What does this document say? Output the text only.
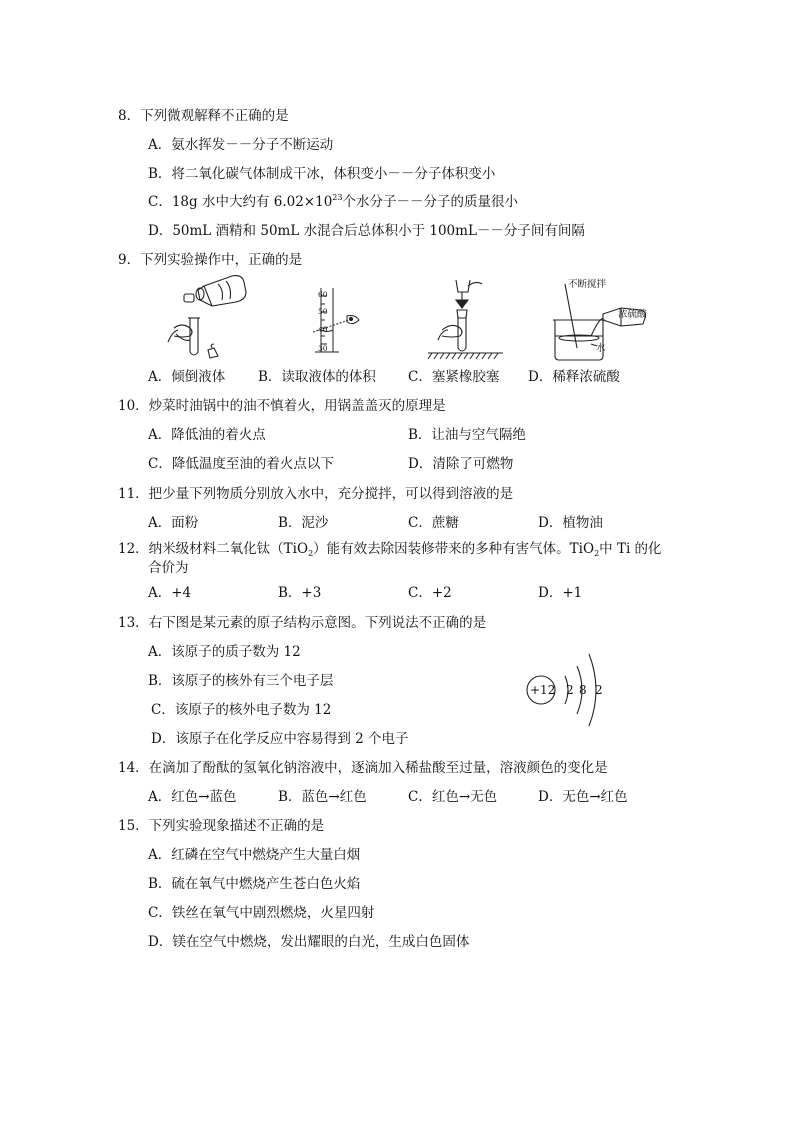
8．下列微观解释不正确的是
A．氨水挥发－－分子不断运动
B．将二氧化碳气体制成干冰，体积变小－－分子体积变小
C．18g 水中大约有 $6.02\times 10^{23}$个水分子－－分子的质量很小
D．50mL 酒精和 50mL 水混合后总体积小于 100mL－－分子间有间隔
9．下列实验操作中，正确的是
60
50
40
30
不断搅拌
浓硫酸
水
A．倾倒液体 B．读取液体的体积 C．塞紧橡胶塞 D．稀释浓硫酸
10．炒菜时油锅中的油不慎着火，用锅盖盖灭的原理是
A．降低油的着火点	B．让油与空气隔绝
C．降低温度至油的着火点以下	D．清除了可燃物
11．把少量下列物质分别放入水中，充分搅拌，可以得到溶液的是
A．面粉	B．泥沙	C．蔗糖	D．植物油
12．纳米级材料二氧化钛（TiO$_2$）能有效去除因装修带来的多种有害气体。TiO$_2$中 Ti 的化
合价为
A．+4	B．+3	C．+2	D．+1
13．右下图是某元素的原子结构示意图。下列说法不正确的是
A．该原子的质子数为 12
B．该原子的核外有三个电子层
C．该原子的核外电子数为 12
D．该原子在化学反应中容易得到 2 个电子
+12 2 8 2
14．在滴加了酚酞的氢氧化钠溶液中，逐滴加入稀盐酸至过量，溶液颜色的变化是
A．红色→蓝色	B．蓝色→红色	C．红色→无色	D．无色→红色
15．下列实验现象描述不正确的是
A．红磷在空气中燃烧产生大量白烟
B．硫在氧气中燃烧产生苍白色火焰
C．铁丝在氧气中剧烈燃烧，火星四射
D．镁在空气中燃烧，发出耀眼的白光，生成白色固体
